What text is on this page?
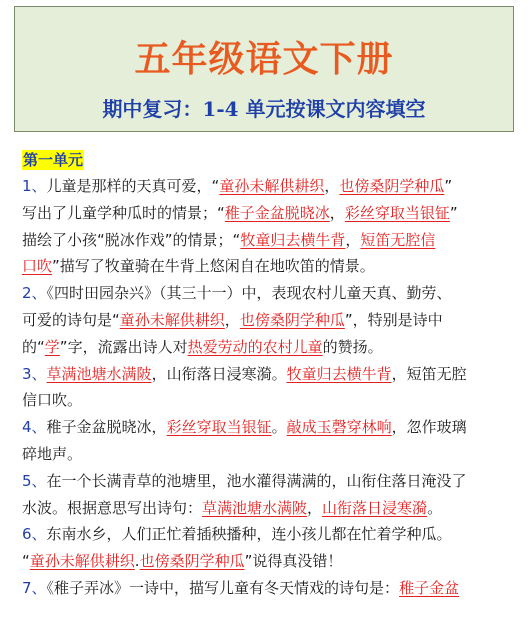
五年级语文下册
期中复习：1-4 单元按课文内容填空
第一单元
1、儿童是那样的天真可爱，“童孙未解供耕织，也傍桑阴学种瓜”
写出了儿童学种瓜时的情景；“稚子金盆脱晓冰，彩丝穿取当银钲”
描绘了小孩“脱冰作戏”的情景；“牧童归去横牛背，短笛无腔信
口吹”描写了牧童骑在牛背上悠闲自在地吹笛的情景。
2、《四时田园杂兴》（其三十一）中，表现农村儿童天真、勤劳、
可爱的诗句是“童孙未解供耕织，也傍桑阴学种瓜”，特别是诗中
的“学”字，流露出诗人对热爱劳动的农村儿童的赞扬。
3、草满池塘水满陂，山衔落日浸寒漪。牧童归去横牛背，短笛无腔
信口吹。
4、稚子金盆脱晓冰，彩丝穿取当银钲。敲成玉磬穿林响，忽作玻璃
碎地声。
5、在一个长满青草的池塘里，池水灌得满满的，山衔住落日淹没了
水波。根据意思写出诗句：草满池塘水满陂，山衔落日浸寒漪。
6、东南水乡，人们正忙着插秧播种，连小孩儿都在忙着学种瓜。
“童孙未解供耕织.也傍桑阴学种瓜”说得真没错！
7、《稚子弄冰》一诗中，描写儿童有冬天情戏的诗句是：稚子金盆
